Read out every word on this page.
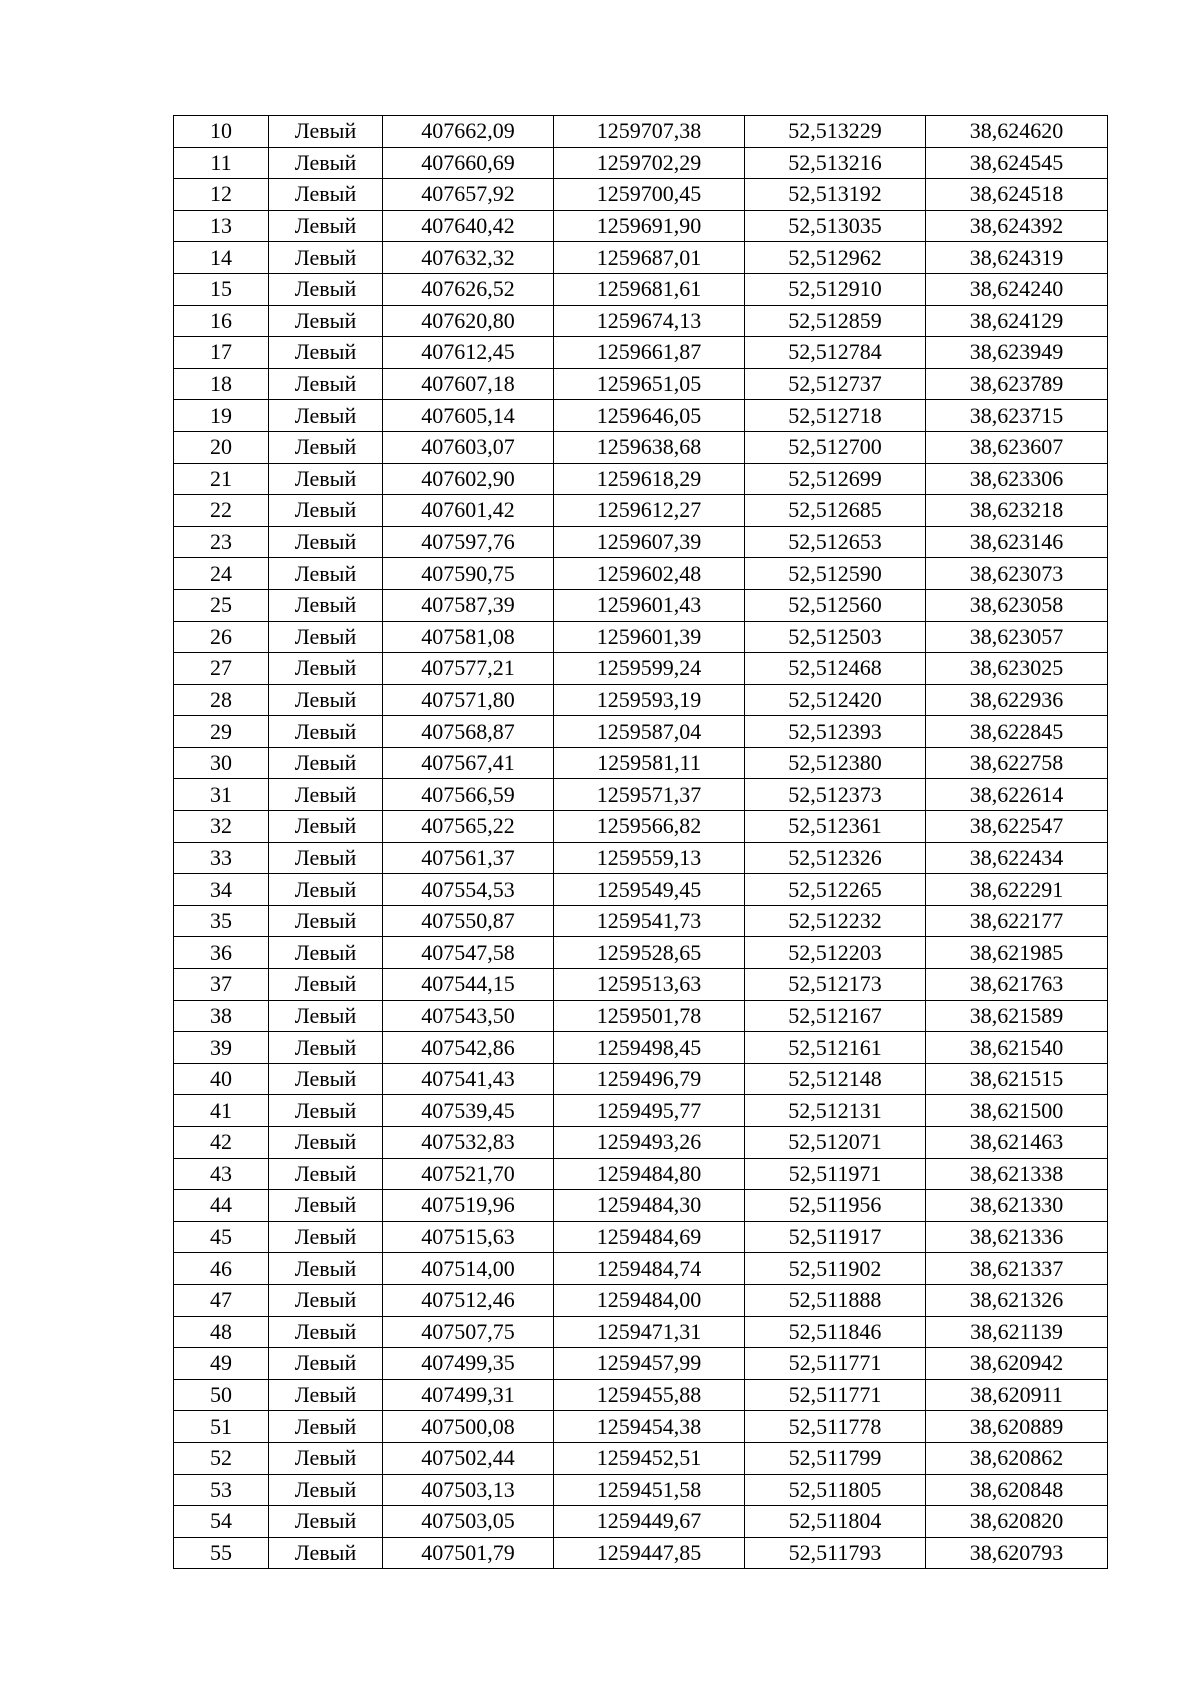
10	Левый	407662,09	1259707,38	52,513229	38,624620
11	Левый	407660,69	1259702,29	52,513216	38,624545
12	Левый	407657,92	1259700,45	52,513192	38,624518
13	Левый	407640,42	1259691,90	52,513035	38,624392
14	Левый	407632,32	1259687,01	52,512962	38,624319
15	Левый	407626,52	1259681,61	52,512910	38,624240
16	Левый	407620,80	1259674,13	52,512859	38,624129
17	Левый	407612,45	1259661,87	52,512784	38,623949
18	Левый	407607,18	1259651,05	52,512737	38,623789
19	Левый	407605,14	1259646,05	52,512718	38,623715
20	Левый	407603,07	1259638,68	52,512700	38,623607
21	Левый	407602,90	1259618,29	52,512699	38,623306
22	Левый	407601,42	1259612,27	52,512685	38,623218
23	Левый	407597,76	1259607,39	52,512653	38,623146
24	Левый	407590,75	1259602,48	52,512590	38,623073
25	Левый	407587,39	1259601,43	52,512560	38,623058
26	Левый	407581,08	1259601,39	52,512503	38,623057
27	Левый	407577,21	1259599,24	52,512468	38,623025
28	Левый	407571,80	1259593,19	52,512420	38,622936
29	Левый	407568,87	1259587,04	52,512393	38,622845
30	Левый	407567,41	1259581,11	52,512380	38,622758
31	Левый	407566,59	1259571,37	52,512373	38,622614
32	Левый	407565,22	1259566,82	52,512361	38,622547
33	Левый	407561,37	1259559,13	52,512326	38,622434
34	Левый	407554,53	1259549,45	52,512265	38,622291
35	Левый	407550,87	1259541,73	52,512232	38,622177
36	Левый	407547,58	1259528,65	52,512203	38,621985
37	Левый	407544,15	1259513,63	52,512173	38,621763
38	Левый	407543,50	1259501,78	52,512167	38,621589
39	Левый	407542,86	1259498,45	52,512161	38,621540
40	Левый	407541,43	1259496,79	52,512148	38,621515
41	Левый	407539,45	1259495,77	52,512131	38,621500
42	Левый	407532,83	1259493,26	52,512071	38,621463
43	Левый	407521,70	1259484,80	52,511971	38,621338
44	Левый	407519,96	1259484,30	52,511956	38,621330
45	Левый	407515,63	1259484,69	52,511917	38,621336
46	Левый	407514,00	1259484,74	52,511902	38,621337
47	Левый	407512,46	1259484,00	52,511888	38,621326
48	Левый	407507,75	1259471,31	52,511846	38,621139
49	Левый	407499,35	1259457,99	52,511771	38,620942
50	Левый	407499,31	1259455,88	52,511771	38,620911
51	Левый	407500,08	1259454,38	52,511778	38,620889
52	Левый	407502,44	1259452,51	52,511799	38,620862
53	Левый	407503,13	1259451,58	52,511805	38,620848
54	Левый	407503,05	1259449,67	52,511804	38,620820
55	Левый	407501,79	1259447,85	52,511793	38,620793
